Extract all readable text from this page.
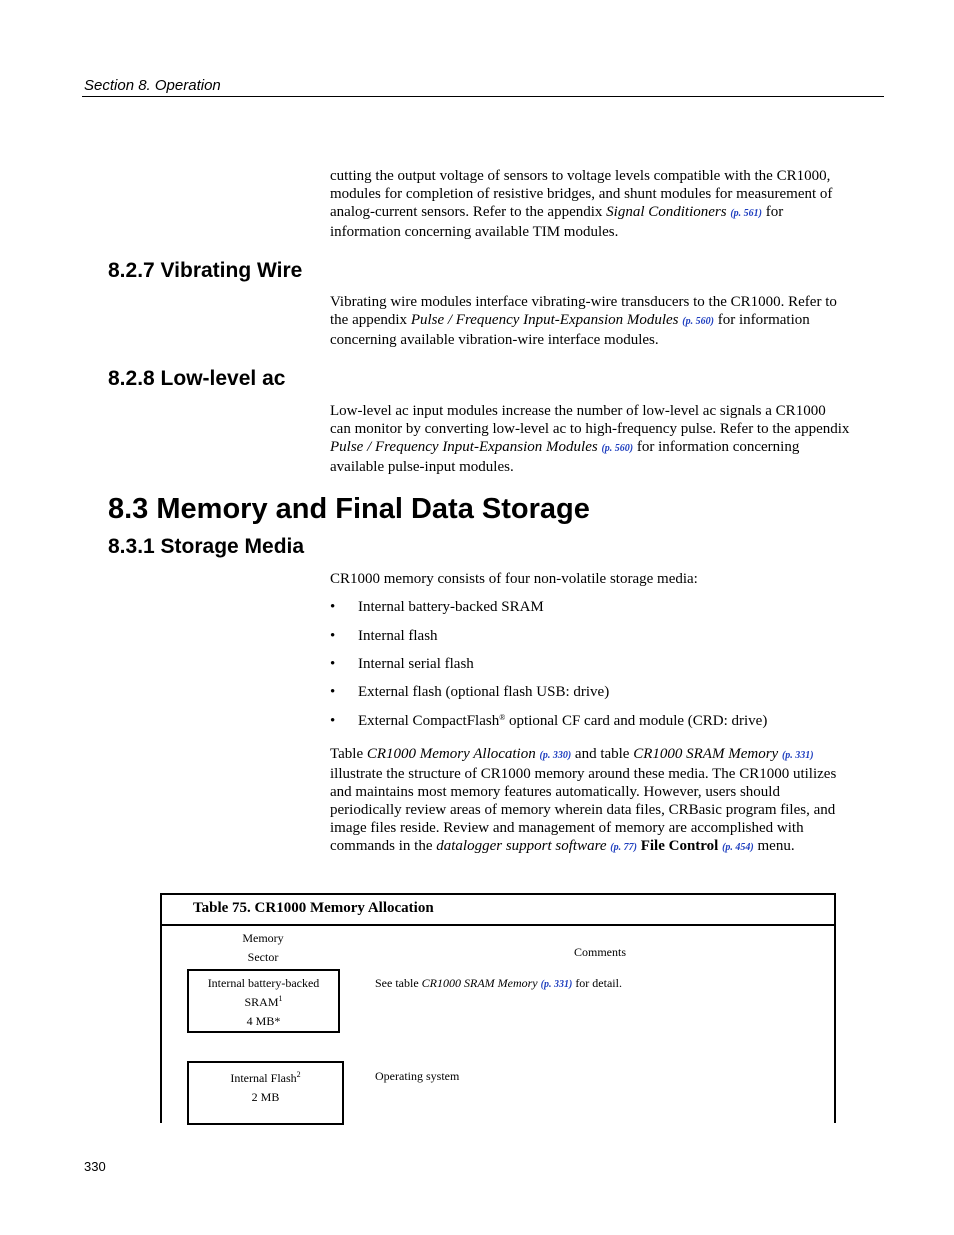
Section 8. Operation
cutting the output voltage of sensors to voltage levels compatible with the CR1000, modules for completion of resistive bridges, and shunt modules for measurement of analog-current sensors. Refer to the appendix Signal Conditioners (p. 561) for information concerning available TIM modules.
8.2.7 Vibrating Wire
Vibrating wire modules interface vibrating-wire transducers to the CR1000. Refer to the appendix Pulse / Frequency Input-Expansion Modules (p. 560) for information concerning available vibration-wire interface modules.
8.2.8 Low-level ac
Low-level ac input modules increase the number of low-level ac signals a CR1000 can monitor by converting low-level ac to high-frequency pulse. Refer to the appendix Pulse / Frequency Input-Expansion Modules (p. 560) for information concerning available pulse-input modules.
8.3 Memory and Final Data Storage
8.3.1 Storage Media
CR1000 memory consists of four non-volatile storage media:
• Internal battery-backed SRAM
• Internal flash
• Internal serial flash
• External flash (optional flash USB: drive)
• External CompactFlash® optional CF card and module (CRD: drive)
Table CR1000 Memory Allocation (p. 330) and table CR1000 SRAM Memory (p. 331) illustrate the structure of CR1000 memory around these media. The CR1000 utilizes and maintains most memory features automatically. However, users should periodically review areas of memory wherein data files, CRBasic program files, and image files reside. Review and management of memory are accomplished with commands in the datalogger support software (p. 77) File Control (p. 454) menu.
Table 75. CR1000 Memory Allocation
Memory
Sector	Comments
Internal battery-backed
SRAM$^1$
4 MB*
See table CR1000 SRAM Memory (p. 331) for detail.
Internal Flash$^2$
2 MB
Operating system
330
